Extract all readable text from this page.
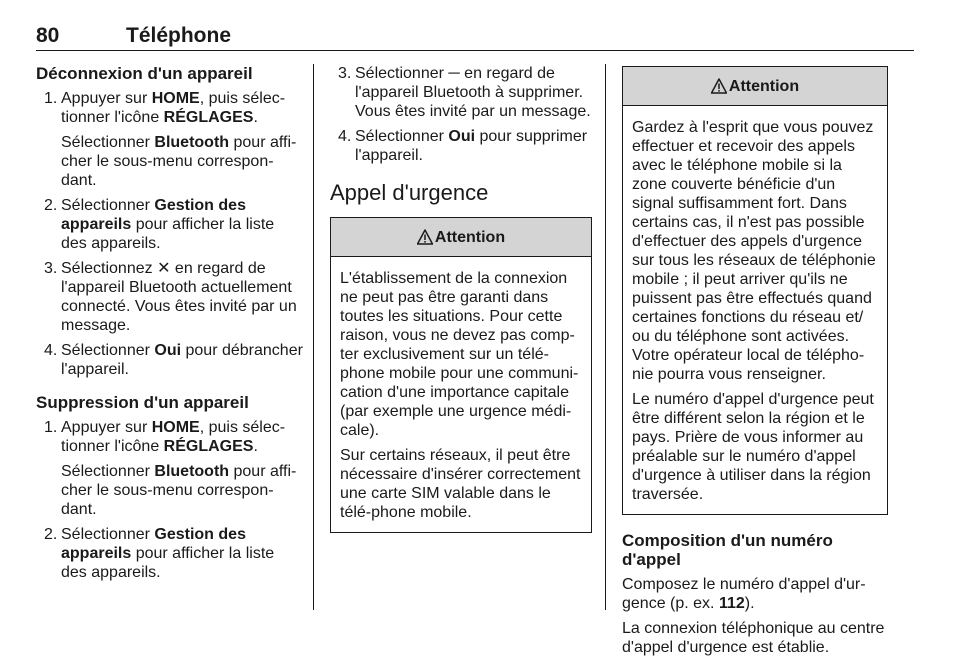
80	Téléphone
Déconnexion d'un appareil
1. Appuyer sur HOME, puis sélec-tionner l'icône RÉGLAGES.

Sélectionner Bluetooth pour affi-cher le sous-menu correspon-dant.

2. Sélectionner Gestion des appareils pour afficher la liste des appareils.

3. Sélectionnez ✕ en regard de l'appareil Bluetooth actuellement connecté. Vous êtes invité par un message.

4. Sélectionner Oui pour débrancher l'appareil.

Suppression d'un appareil
1. Appuyer sur HOME, puis sélec-tionner l'icône RÉGLAGES.

Sélectionner Bluetooth pour affi-cher le sous-menu correspon-dant.

2. Sélectionner Gestion des appareils pour afficher la liste des appareils.

3. Sélectionner ─ en regard de l'appareil Bluetooth à supprimer. Vous êtes invité par un message.

4. Sélectionner Oui pour supprimer l'appareil.

Appel d'urgence
Attention

L'établissement de la connexion ne peut pas être garanti dans toutes les situations. Pour cette raison, vous ne devez pas comp-ter exclusivement sur un télé-phone mobile pour une communi-cation d'une importance capitale (par exemple une urgence médi-cale).

Sur certains réseaux, il peut être nécessaire d'insérer correctement une carte SIM valable dans le télé-phone mobile.

Attention

Gardez à l'esprit que vous pouvez effectuer et recevoir des appels avec le téléphone mobile si la zone couverte bénéficie d'un signal suffisamment fort. Dans certains cas, il n'est pas possible d'effectuer des appels d'urgence sur tous les réseaux de téléphonie mobile ; il peut arriver qu'ils ne puissent pas être effectués quand certaines fonctions du réseau et/ ou du téléphone sont activées. Votre opérateur local de télépho-nie pourra vous renseigner.

Le numéro d'appel d'urgence peut être différent selon la région et le pays. Prière de vous informer au préalable sur le numéro d'appel d'urgence à utiliser dans la région traversée.

Composition d'un numéro d'appel

Composez le numéro d'appel d'ur-gence (p. ex. 112).

La connexion téléphonique au centre d'appel d'urgence est établie.
